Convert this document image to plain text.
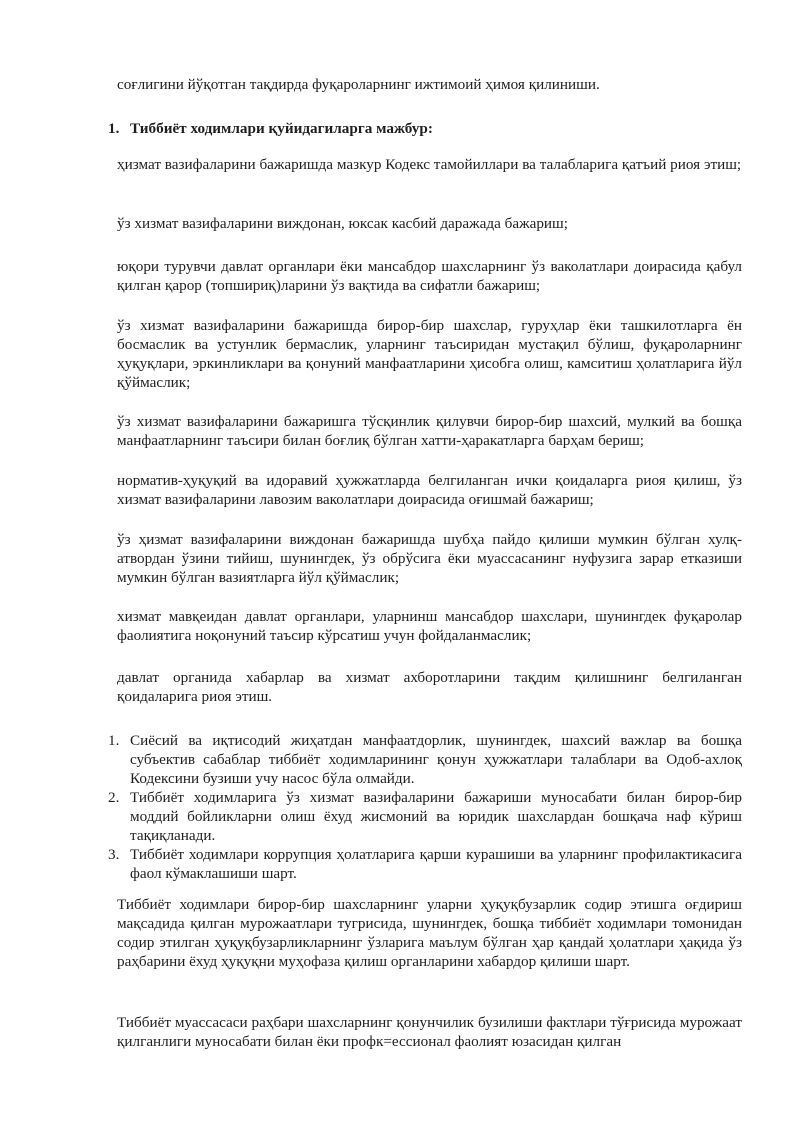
соғлигини йўқотган тақдирда фуқароларнинг ижтимоий ҳимоя қилиниши.

1. Тиббиёт ходимлари қуйидагиларга мажбур:

ҳизмат вазифаларини бажаришда мазкур Кодекс тамойиллари ва талабларига қатъий риоя этиш;

ўз хизмат вазифаларини виждонан, юксак касбий даражада бажариш;

юқори турувчи давлат органлари ёки мансабдор шахсларнинг ўз ваколатлари доирасида қабул қилган қарор (топшириқ)ларини ўз вақтида ва сифатли бажариш;

ўз хизмат вазифаларини бажаришда бирор-бир шахслар, гуруҳлар ёки ташкилотларга ён босмаслик ва устунлик бермаслик, уларнинг таъсиридан мустақил бўлиш, фуқароларнинг ҳуқуқлари, эркинликлари ва қонуний манфаатларини ҳисобга олиш, камситиш ҳолатларига йўл қўймаслик;

ўз хизмат вазифаларини бажаришга тўсқинлик қилувчи бирор-бир шахсий, мулкий ва бошқа манфаатларнинг таъсири билан боғлиқ бўлган хатти-ҳаракатларга барҳам бериш;

норматив-ҳуқуқий ва идоравий ҳужжатларда белгиланган ички қоидаларга риоя қилиш, ўз хизмат вазифаларини лавозим ваколатлари доирасида оғишмай бажариш;

ўз ҳизмат вазифаларини виждонан бажаришда шубҳа пайдо қилиши мумкин бўлган хулқ-атвордан ўзини тийиш, шунингдек, ўз обрўсига ёки муассасанинг нуфузига зарар етказиши мумкин бўлган вазиятларга йўл қўймаслик;

хизмат мавқеидан давлат органлари, уларнинш мансабдор шахслари, шунингдек фуқаролар фаолиятига ноқонуний таъсир кўрсатиш учун фойдаланмаслик;

давлат органида хабарлар ва хизмат ахборотларини тақдим қилишнинг белгиланган қоидаларига риоя этиш.

1. Сиёсий ва иқтисодий жиҳатдан манфаатдорлик, шунингдек, шахсий важлар ва бошқа субъектив сабаблар тиббиёт ходимларининг қонун ҳужжатлари талаблари ва Одоб-ахлоқ Кодексини бузиши учу насос бўла олмайди.
2. Тиббиёт ходимларига ўз хизмат вазифаларини бажариши муносабати билан бирор-бир моддий бойликларни олиш ёхуд жисмоний ва юридик шахслардан бошқача наф кўриш тақиқланади.
3. Тиббиёт ходимлари коррупция ҳолатларига қарши курашиши ва уларнинг профилактикасига фаол кўмаклашиши шарт.

Тиббиёт ходимлари бирор-бир шахсларнинг уларни ҳуқуқбузарлик содир этишга оғдириш мақсадида қилган мурожаатлари тугрисида, шунингдек, бошқа тиббиёт ходимлари томонидан содир этилган ҳуқуқбузарликларнинг ўзларига маълум бўлган ҳар қандай ҳолатлари ҳақида ўз раҳбарини ёхуд ҳуқуқни муҳофаза қилиш органларини хабардор қилиши шарт.

Тиббиёт муассасаси раҳбари шахсларнинг қонунчилик бузилиши фактлари тўғрисида мурожаат қилганлиги муносабати билан ёки профк=ессионал фаолият юзасидан қилган
